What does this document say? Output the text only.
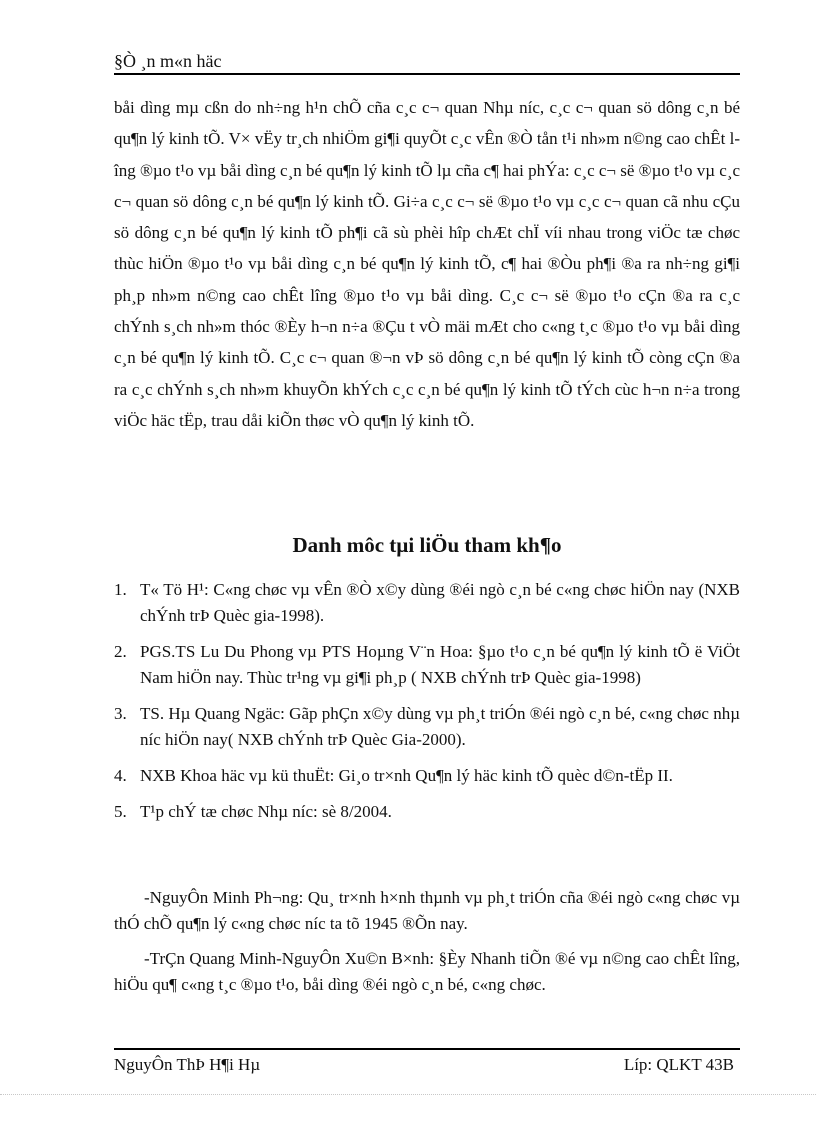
§Ò ¸n m«n häc

båi dìng mµ cßn do nh÷ng h¹n chÕ cña c¸c c¬ quan Nhµ níc, c¸c c¬ quan sö dông c¸n bé qu¶n lý kinh tÕ. V× vËy tr¸ch nhiÖm gi¶i quyÕt c¸c vÊn ®Ò tån t¹i nh»m n©ng cao chÊt lîng ®µo t¹o vµ båi dìng c¸n bé qu¶n lý kinh tÕ lµ cña c¶ hai phÝa: c¸c c¬ së ®µo t¹o vµ c¸c c¬ quan sö dông c¸n bé qu¶n lý kinh tÕ. Gi÷a c¸c c¬ së ®µo t¹o vµ c¸c c¬ quan cã nhu cÇu sö dông c¸n bé qu¶n lý kinh tÕ ph¶i cã sù phèi hîp chÆt chÏ víi nhau trong viÖc tæ chøc thùc hiÖn ®µo t¹o vµ båi dìng c¸n bé qu¶n lý kinh tÕ, c¶ hai ®Òu ph¶i ®a ra nh÷ng gi¶i ph¸p nh»m n©ng cao chÊt lîng ®µo t¹o vµ båi dìng. C¸c c¬ së ®µo t¹o cÇn ®a ra c¸c chÝnh s¸ch nh»m thóc ®Èy h¬n n÷a ®Çu t vÒ mäi mÆt cho c«ng t¸c ®µo t¹o vµ båi dìng c¸n bé qu¶n lý kinh tÕ. C¸c c¬ quan ®¬n vÞ sö dông c¸n bé qu¶n lý kinh tÕ còng cÇn ®a ra c¸c chÝnh s¸ch nh»m khuyÕn khÝch c¸c c¸n bé qu¶n lý kinh tÕ tÝch cùc h¬n n÷a trong viÖc häc tËp, trau dåi kiÕn thøc vÒ qu¶n lý kinh tÕ.

Danh môc tµi liÖu tham kh¶o
1. T« Tö H¹: C«ng chøc vµ vÊn ®Ò x©y dùng ®éi ngò c¸n bé c«ng chøc hiÖn nay (NXB chÝnh trÞ Quèc gia-1998).
2. PGS.TS Lu Du Phong vµ PTS Hoµng V¨n Hoa: §µo t¹o c¸n bé qu¶n lý kinh tÕ ë ViÖt Nam hiÖn nay. Thùc tr¹ng vµ gi¶i ph¸p ( NXB chÝnh trÞ Quèc gia-1998)
3. TS. Hµ Quang Ngäc: Gãp phÇn x©y dùng vµ ph¸t triÓn ®éi ngò c¸n bé, c«ng chøc nhµ níc hiÖn nay( NXB chÝnh trÞ Quèc Gia-2000).
4. NXB Khoa häc vµ kü thuËt: Gi¸o tr×nh Qu¶n lý häc kinh tÕ quèc d©n-tËp II.
5. T¹p chÝ tæ chøc Nhµ níc: sè 8/2004.

-NguyÔn Minh Ph¬ng: Qu¸ tr×nh h×nh thµnh vµ ph¸t triÓn cña ®éi ngò c«ng chøc vµ thÓ chÕ qu¶n lý c«ng chøc níc ta tõ 1945 ®Õn nay.

-TrÇn Quang Minh-NguyÔn Xu©n B×nh: §Èy Nhanh tiÕn ®é vµ n©ng cao chÊt lîng, hiÖu qu¶ c«ng t¸c ®µo t¹o, båi dìng ®éi ngò c¸n bé, c«ng chøc.

NguyÔn ThÞ H¶i Hµ	Líp: QLKT 43B
